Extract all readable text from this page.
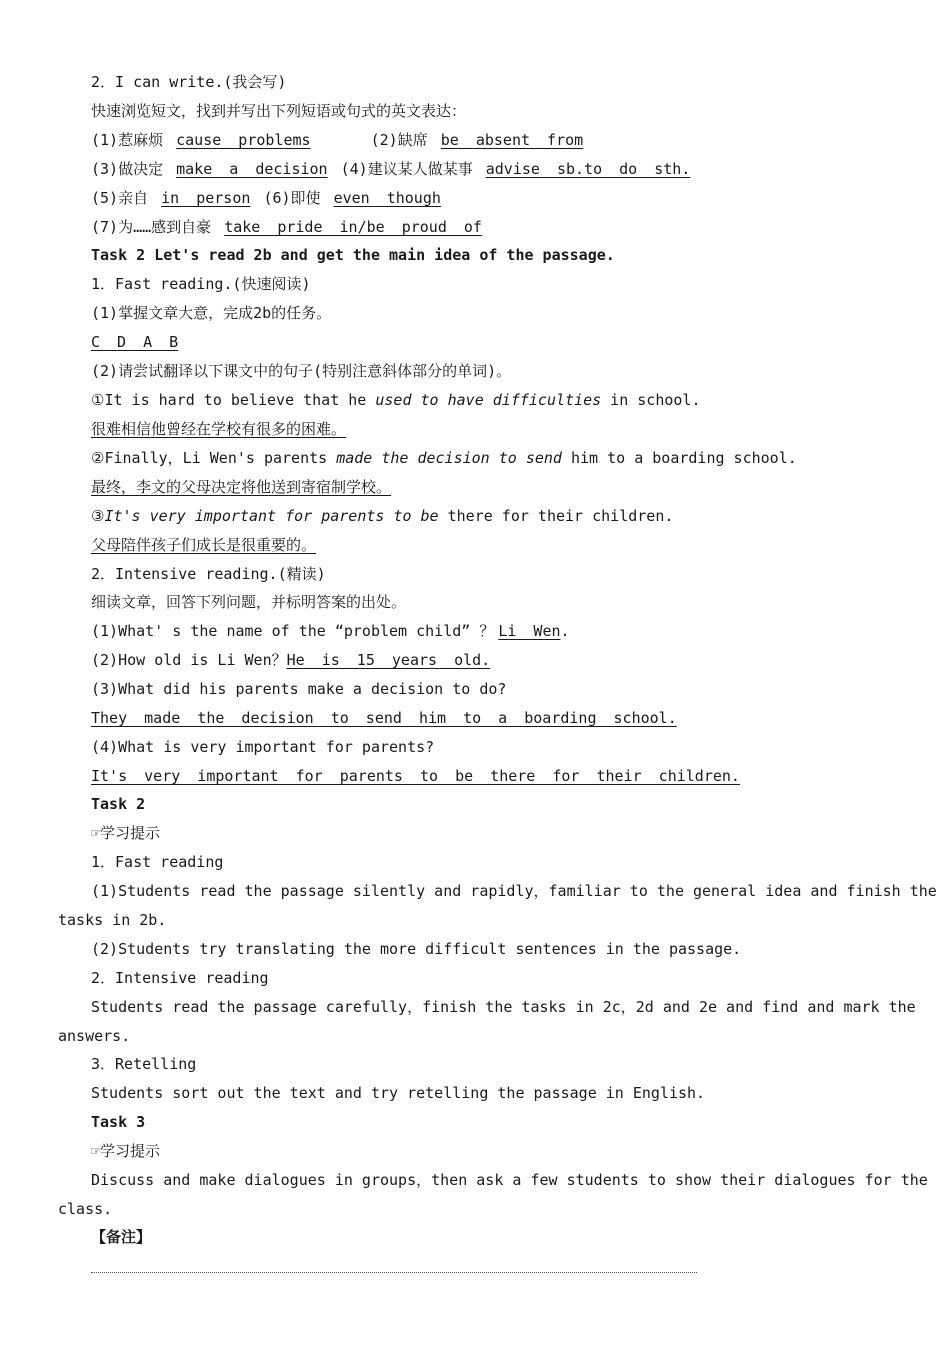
2．I can write.(我会写)
快速浏览短文，找到并写出下列短语或句式的英文表达：
(1)惹麻烦 cause problems	(2)缺席 be absent from
(3)做决定 make a decision (4)建议某人做某事 advise sb.to do sth.
(5)亲自 in person (6)即使 even though
(7)为……感到自豪 take pride in/be proud of
Task 2 Let's read 2b and get the main idea of the passage.
1．Fast reading.(快速阅读)
(1)掌握文章大意，完成2b的任务。
C D A B
(2)请尝试翻译以下课文中的句子(特别注意斜体部分的单词)。
①It is hard to believe that he used to have difficulties in school.
很难相信他曾经在学校有很多的困难。
②Finally，Li Wen's parents made the decision to send him to a boarding school.
最终，李文的父母决定将他送到寄宿制学校。
③It's very important for parents to be there for their children.
父母陪伴孩子们成长是很重要的。
2．Intensive reading.(精读)
细读文章，回答下列问题，并标明答案的出处。
(1)What' s the name of the “problem child” ？ Li Wen.
(2)How old is Li Wen？He is 15 years old.
(3)What did his parents make a decision to do?
They made the decision to send him to a boarding school.
(4)What is very important for parents?
It's very important for parents to be there for their children.
Task 2
☞学习提示
1．Fast reading
(1)Students read the passage silently and rapidly，familiar to the general idea and finish the
tasks in 2b.
(2)Students try translating the more difficult sentences in the passage.
2．Intensive reading
Students read the passage carefully，finish the tasks in 2c，2d and 2e and find and mark the
answers.
3．Retelling
Students sort out the text and try retelling the passage in English.
Task 3
☞学习提示
Discuss and make dialogues in groups，then ask a few students to show their dialogues for the
class.
【备注】
